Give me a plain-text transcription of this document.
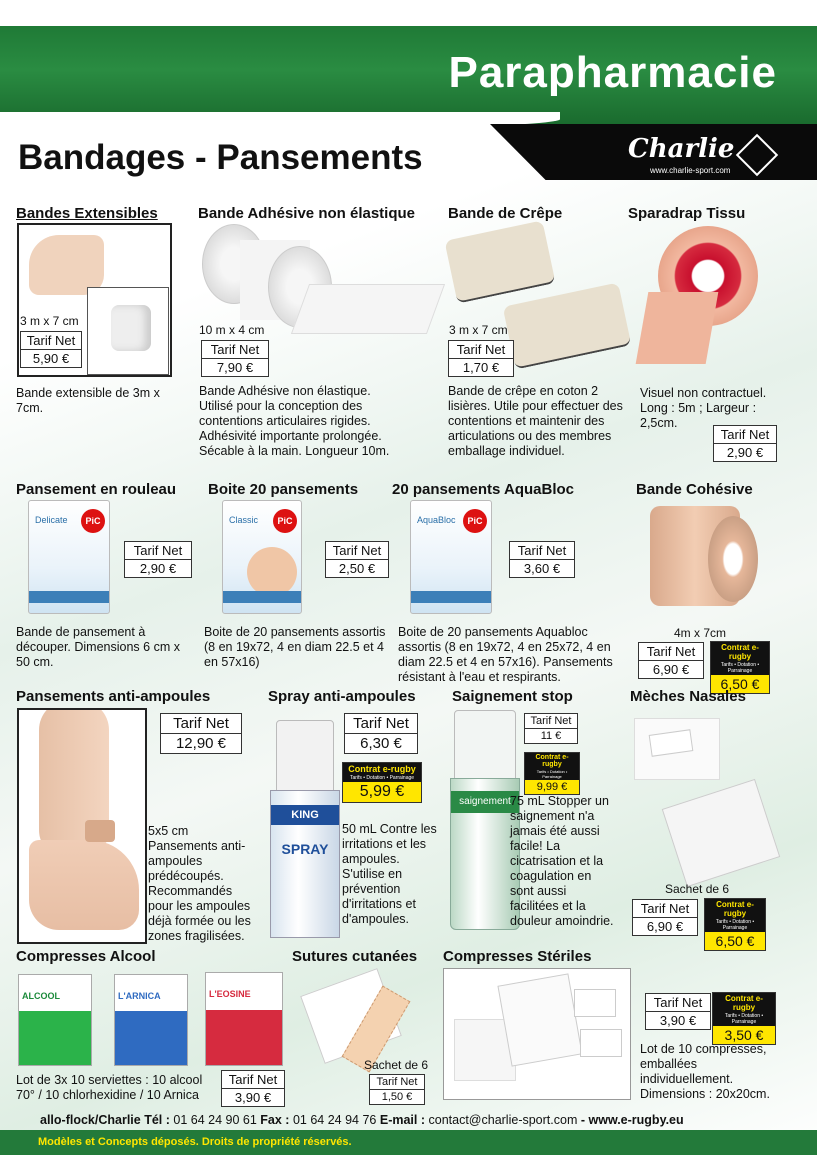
Parapharmacie
Charlie
www.charlie-sport.com
Bandages - Pansements
Bandes Extensibles
3 m x 7 cm
Tarif Net
5,90 €
Bande extensible de 3m x 7cm.
Bande Adhésive non élastique
10 m x 4 cm
Tarif Net
7,90 €
Bande Adhésive non élastique. Utilisé pour la conception des contentions articulaires rigides. Adhésivité importante prolongée. Sécable à la main. Longueur 10m.
Bande de Crêpe
3 m x 7 cm
Tarif Net
1,70 €
Bande de crêpe en coton 2 lisières. Utile pour effectuer des contentions et maintenir des articulations ou des membres emballage individuel.
Sparadrap Tissu
Visuel non contractuel. Long : 5m ; Largeur : 2,5cm.
Tarif Net
2,90 €
Pansement en rouleau
Delicate	PiC
Tarif Net
2,90 €
Bande de pansement à découper. Dimensions 6 cm x 50 cm.
Boite 20 pansements
Classic	PiC
Tarif Net
2,50 €
Boite de 20 pansements assortis (8 en 19x72, 4 en diam 22.5 et 4 en 57x16)
20 pansements AquaBloc
AquaBloc	PiC
Tarif Net
3,60 €
Boite de 20 pansements Aquabloc assortis (8 en 19x72, 4 en 25x72, 4 en diam 22.5 et 4 en 57x16). Pansements résistant à l'eau et respirants.
Bande Cohésive
4m x 7cm
Tarif Net
6,90 €
Contrat e-rugby
Tarifs • Dotation • Parrainage
6,50 €
Pansements anti-ampoules
Tarif Net
12,90 €
5x5 cm Pansements anti-ampoules prédécoupés. Recommandés pour les ampoules déjà formée ou les zones fragilisées.
Spray anti-ampoules
KING
SPRAY
Tarif Net
6,30 €
Contrat e-rugby
Tarifs • Dotation • Parrainage
5,99 €
50 mL Contre les irritations et les ampoules. S'utilise en prévention d'irritations et d'ampoules.
Saignement stop
saignement
Tarif Net
11 €
Contrat e-rugby
Tarifs • Dotation • Parrainage
9,99 €
75 mL Stopper un saignement n'a jamais été aussi facile! La cicatrisation et la coagulation en sont aussi facilitées et la douleur amoindrie.
Mèches Nasales
Sachet de 6
Tarif Net
6,90 €
Contrat e-rugby
Tarifs • Dotation • Parrainage
6,50 €
Compresses Alcool
ALCOOL	L'ARNICA	L'EOSINE
Tarif Net
3,90 €
Lot de 3x 10 serviettes : 10 alcool 70° / 10 chlorhexidine / 10 Arnica
Sutures cutanées
Sachet de 6
Tarif Net
1,50 €
Compresses Stériles
Tarif Net
3,90 €
Contrat e-rugby
Tarifs • Dotation • Parrainage
3,50 €
Lot de 10 compresses, emballées individuellement. Dimensions : 20x20cm.
allo-flock/Charlie Tél : 01 64 24 90 61 Fax : 01 64 24 94 76 E-mail : contact@charlie-sport.com - www.e-rugby.eu
Modèles et Concepts déposés. Droits de propriété réservés.
